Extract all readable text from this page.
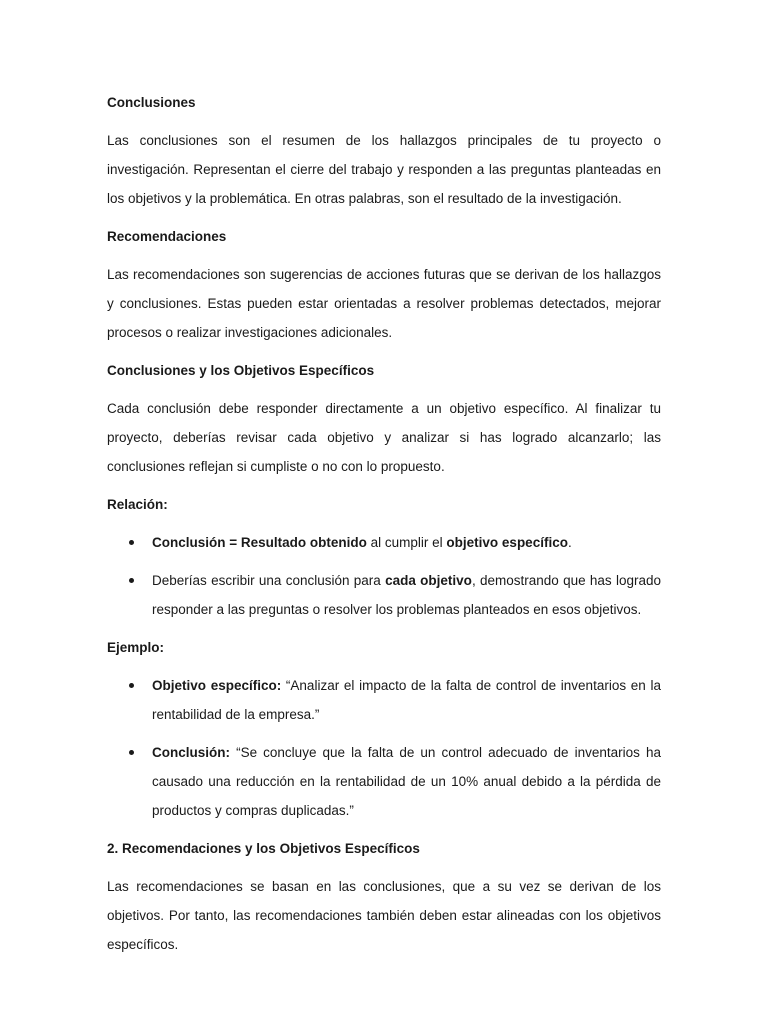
Conclusiones

Las conclusiones son el resumen de los hallazgos principales de tu proyecto o investigación. Representan el cierre del trabajo y responden a las preguntas planteadas en los objetivos y la problemática. En otras palabras, son el resultado de la investigación.

Recomendaciones

Las recomendaciones son sugerencias de acciones futuras que se derivan de los hallazgos y conclusiones. Estas pueden estar orientadas a resolver problemas detectados, mejorar procesos o realizar investigaciones adicionales.

Conclusiones y los Objetivos Específicos

Cada conclusión debe responder directamente a un objetivo específico. Al finalizar tu proyecto, deberías revisar cada objetivo y analizar si has logrado alcanzarlo; las conclusiones reflejan si cumpliste o no con lo propuesto.

Relación:

Conclusión = Resultado obtenido al cumplir el objetivo específico.
Deberías escribir una conclusión para cada objetivo, demostrando que has logrado responder a las preguntas o resolver los problemas planteados en esos objetivos.

Ejemplo:

Objetivo específico: “Analizar el impacto de la falta de control de inventarios en la rentabilidad de la empresa.”
Conclusión: “Se concluye que la falta de un control adecuado de inventarios ha causado una reducción en la rentabilidad de un 10% anual debido a la pérdida de productos y compras duplicadas.”

2. Recomendaciones y los Objetivos Específicos

Las recomendaciones se basan en las conclusiones, que a su vez se derivan de los objetivos. Por tanto, las recomendaciones también deben estar alineadas con los objetivos específicos.
